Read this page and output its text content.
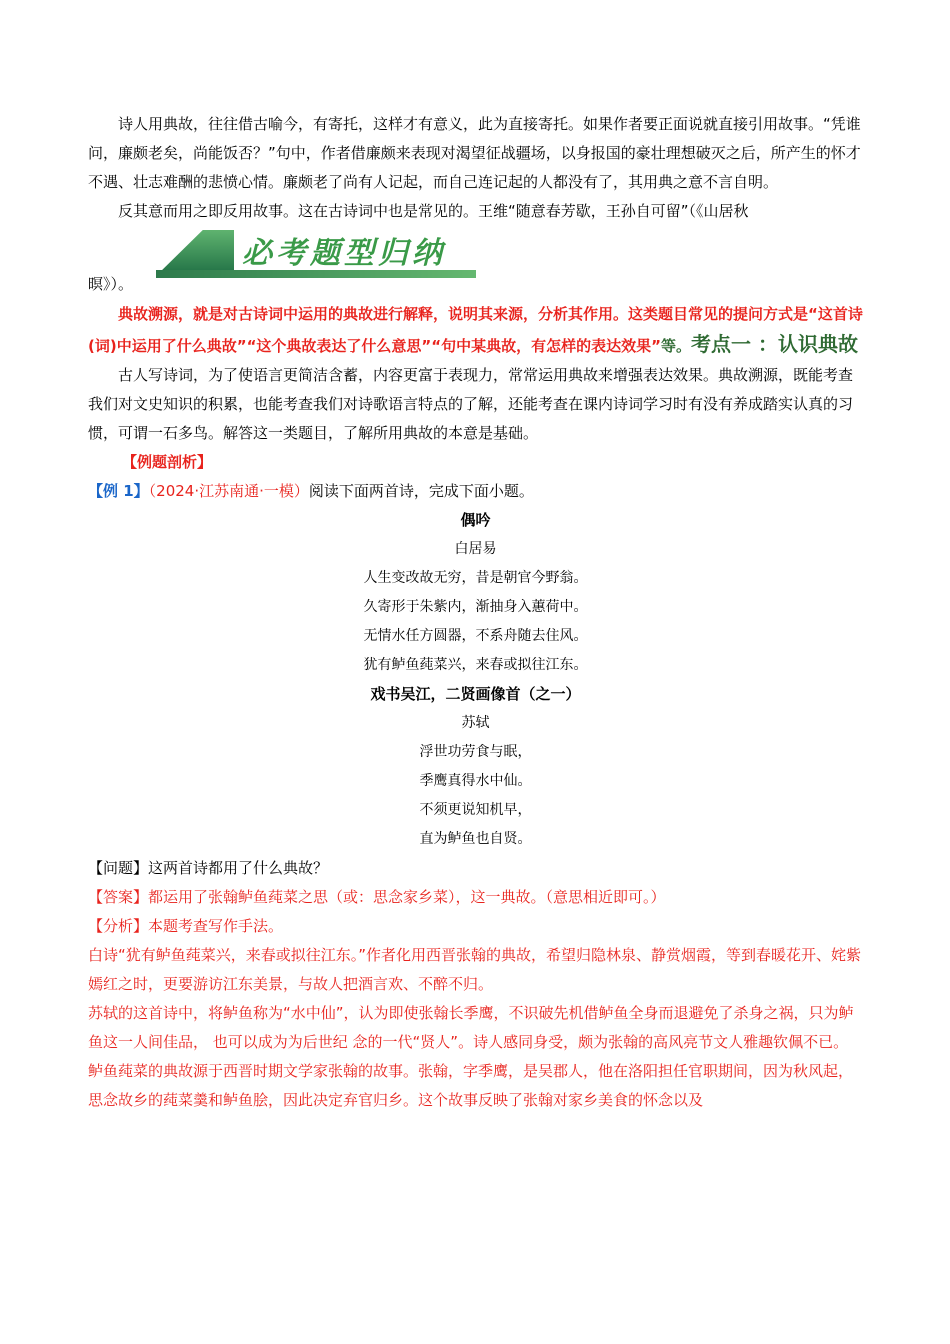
诗人用典故，往往借古喻今，有寄托，这样才有意义，此为直接寄托。如果作者要正面说就直接引用故事。“凭谁问，廉颇老矣，尚能饭否？”句中，作者借廉颇来表现对渴望征战疆场，以身报国的豪壮理想破灭之后，所产生的怀才不遇、壮志难酬的悲愤心情。廉颇老了尚有人记起，而自己连记起的人都没有了，其用典之意不言自明。

反其意而用之即反用故事。这在古诗词中也是常见的。王维“随意春芳歇，王孙自可留”（《山居秋

必考题型归纳
暝》）。

典故溯源，就是对古诗词中运用的典故进行解释，说明其来源，分析其作用。这类题目常见的提问方式是“这首诗(词)中运用了什么典故”“这个典故表达了什么意思”“句中某典故，有怎样的表达效果”等。考点一 ：认识典故

古人写诗词，为了使语言更简洁含蓄，内容更富于表现力，常常运用典故来增强表达效果。典故溯源，既能考查我们对文史知识的积累，也能考查我们对诗歌语言特点的了解，还能考查在课内诗词学习时有没有养成踏实认真的习惯，可谓一石多鸟。解答这一类题目，了解所用典故的本意是基础。

【例题剖析】

【例 1】（2024·江苏南通·一模）阅读下面两首诗，完成下面小题。

偶吟
白居易
人生变改故无穷，昔是朝官今野翁。
久寄形于朱紫内，渐抽身入蕙荷中。
无情水任方圆器，不系舟随去住风。
犹有鲈鱼莼菜兴，来春或拟往江东。
戏书吴江，二贤画像首（之一）
苏轼
浮世功劳食与眠，
季鹰真得水中仙。
不须更说知机早，
直为鲈鱼也自贤。

【问题】这两首诗都用了什么典故？

【答案】都运用了张翰鲈鱼莼菜之思（或：思念家乡菜），这一典故。（意思相近即可。）

【分析】本题考查写作手法。

白诗“犹有鲈鱼莼菜兴，来春或拟往江东。”作者化用西晋张翰的典故，希望归隐林泉、静赏烟霞，等到春暖花开、姹紫嫣红之时，更要游访江东美景，与故人把酒言欢、不醉不归。

苏轼的这首诗中，将鲈鱼称为“水中仙”，认为即使张翰长季鹰，不识破先机借鲈鱼全身而退避免了杀身之祸，只为鲈鱼这一人间佳品， 也可以成为为后世纪 念的一代“贤人”。诗人感同身受，颇为张翰的高风亮节文人雅趣钦佩不已。

鲈鱼莼菜的典故源于西晋时期文学家张翰的故事。张翰，字季鹰，是吴郡人，他在洛阳担任官职期间，因为秋风起，思念故乡的莼菜羹和鲈鱼脍，因此决定弃官归乡。这个故事反映了张翰对家乡美食的怀念以及
